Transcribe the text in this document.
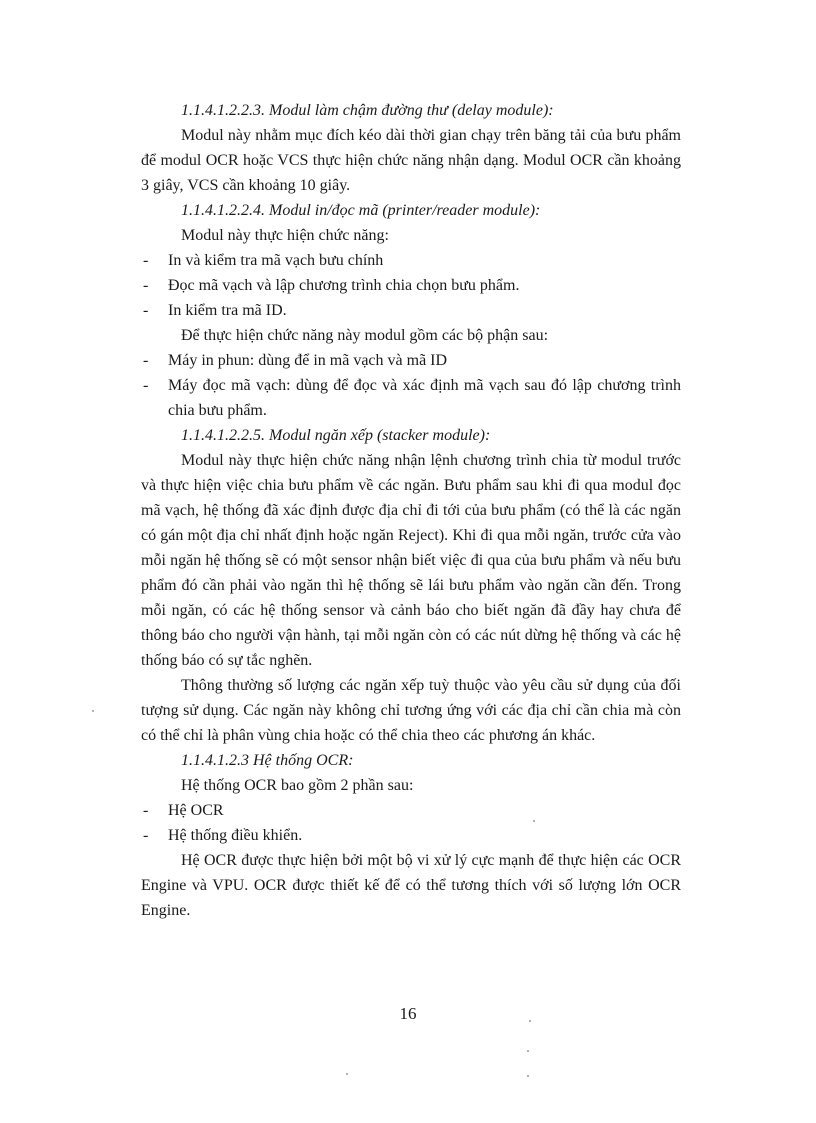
1.1.4.1.2.2.3. Modul làm chậm đường thư (delay module):

Modul này nhằm mục đích kéo dài thời gian chạy trên băng tải của bưu phẩm để modul OCR hoặc VCS thực hiện chức năng nhận dạng. Modul OCR cần khoảng 3 giây, VCS cần khoảng 10 giây.

1.1.4.1.2.2.4. Modul in/đọc mã (printer/reader module):

Modul này thực hiện chức năng:

- In và kiểm tra mã vạch bưu chính
- Đọc mã vạch và lập chương trình chia chọn bưu phẩm.
- In kiểm tra mã ID.

Để thực hiện chức năng này modul gồm các bộ phận sau:

- Máy in phun: dùng để in mã vạch và mã ID
- Máy đọc mã vạch: dùng để đọc và xác định mã vạch sau đó lập chương trình chia bưu phẩm.

1.1.4.1.2.2.5. Modul ngăn xếp (stacker module):

Modul này thực hiện chức năng nhận lệnh chương trình chia từ modul trước và thực hiện việc chia bưu phẩm về các ngăn. Bưu phẩm sau khi đi qua modul đọc mã vạch, hệ thống đã xác định được địa chỉ đi tới của bưu phẩm (có thể là các ngăn có gán một địa chỉ nhất định hoặc ngăn Reject). Khi đi qua mỗi ngăn, trước cửa vào mỗi ngăn hệ thống sẽ có một sensor nhận biết việc đi qua của bưu phẩm và nếu bưu phẩm đó cần phải vào ngăn thì hệ thống sẽ lái bưu phẩm vào ngăn cần đến. Trong mỗi ngăn, có các hệ thống sensor và cảnh báo cho biết ngăn đã đầy hay chưa để thông báo cho người vận hành, tại mỗi ngăn còn có các nút dừng hệ thống và các hệ thống báo có sự tắc nghẽn.

Thông thường số lượng các ngăn xếp tuỳ thuộc vào yêu cầu sử dụng của đối tượng sử dụng. Các ngăn này không chỉ tương ứng với các địa chỉ cần chia mà còn có thể chỉ là phân vùng chia hoặc có thể chia theo các phương án khác.

1.1.4.1.2.3 Hệ thống OCR:

Hệ thống OCR bao gồm 2 phần sau:

- Hệ OCR
- Hệ thống điều khiển.

Hệ OCR được thực hiện bởi một bộ vi xử lý cực mạnh để thực hiện các OCR Engine và VPU. OCR được thiết kế để có thể tương thích với số lượng lớn OCR Engine.

16
